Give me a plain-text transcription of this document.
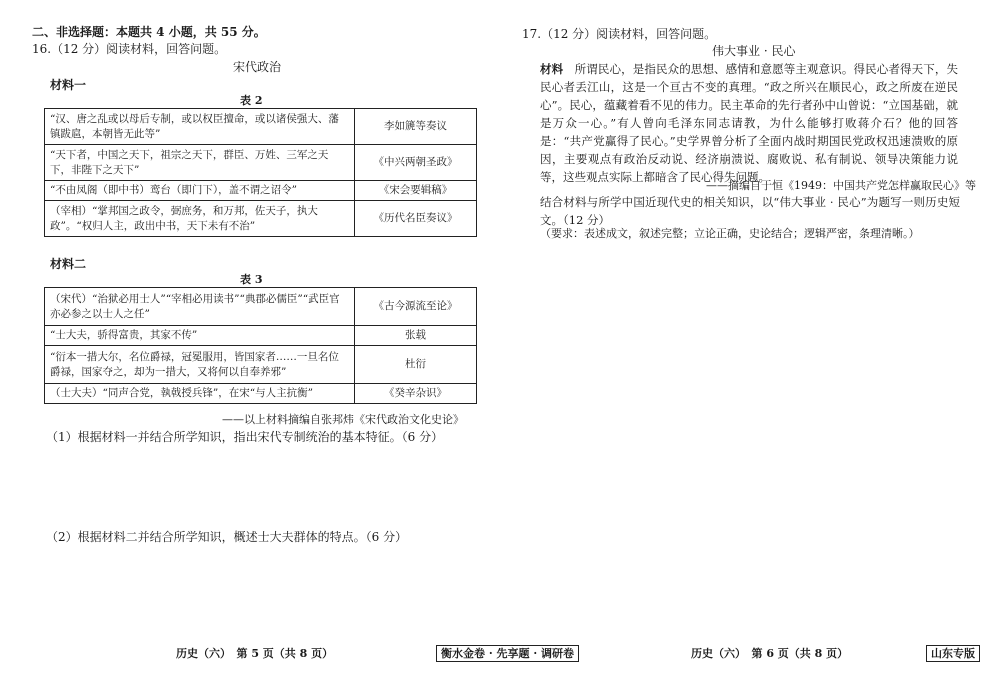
二、非选择题：本题共 4 小题，共 55 分。
16.（12 分）阅读材料，回答问题。
宋代政治
材料一
表 2
“汉、唐之乱或以母后专制，或以权臣擅命，或以诸侯强大、藩镇跋扈，本朝皆无此等”	李如篪等奏议
“天下者，中国之天下，祖宗之天下，群臣、万姓、三军之天下，非陛下之天下”	《中兴两朝圣政》
“不由凤阁（即中书）鸾台（即门下），盖不谓之诏令”	《宋会要辑稿》
（宰相）“掌邦国之政令，弼庶务，和万邦，佐天子，执大政”。“权归人主，政出中书，天下未有不治”	《历代名臣奏议》
材料二
表 3
（宋代）“治狱必用士人”“宰相必用读书”“典郡必儒臣”“武臣官亦必参之以士人之任”	《古今源流至论》
“士大夫，骄得富贵，其家不传”	张载
“衍本一措大尔，名位爵禄，冠冕服用，皆国家者……一旦名位爵禄，国家夺之，却为一措大，又将何以自奉养邪”	杜衍
（士大夫）“同声合党，執戟授兵锋”，在宋“与人主抗衡”	《癸辛杂识》
——以上材料摘编自张邦炜《宋代政治文化史论》
（1）根据材料一并结合所学知识，指出宋代专制统治的基本特征。（6 分）
（2）根据材料二并结合所学知识，概述士大夫群体的特点。（6 分）
历史（六）　第 5 页（共 8 页）	衡水金卷 · 先享题 · 调研卷
17.（12 分）阅读材料，回答问题。
伟大事业 · 民心
材料 所谓民心，是指民众的思想、感情和意愿等主观意识。得民心者得天下，失民心者丢江山，这是一个亘古不变的真理。“政之所兴在顺民心，政之所废在逆民心”。民心，蕴藏着看不见的伟力。民主革命的先行者孙中山曾说：“立国基础，就是万众一心。”有人曾向毛泽东同志请教，为什么能够打败蒋介石？他的回答是：“共产党赢得了民心。”史学界曾分析了全面内战时期国民党政权迅速溃败的原因，主要观点有政治反动说、经济崩溃说、腐败说、私有制说、领导决策能力说等，这些观点实际上都暗含了民心得失问题。
——摘编自于恒《1949：中国共产党怎样赢取民心》等
结合材料与所学中国近现代史的相关知识，以“伟大事业 · 民心”为题写一则历史短文。（12 分）
（要求：表述成文，叙述完整；立论正确，史论结合；逻辑严密，条理清晰。）
历史（六）　第 6 页（共 8 页）	山东专版
